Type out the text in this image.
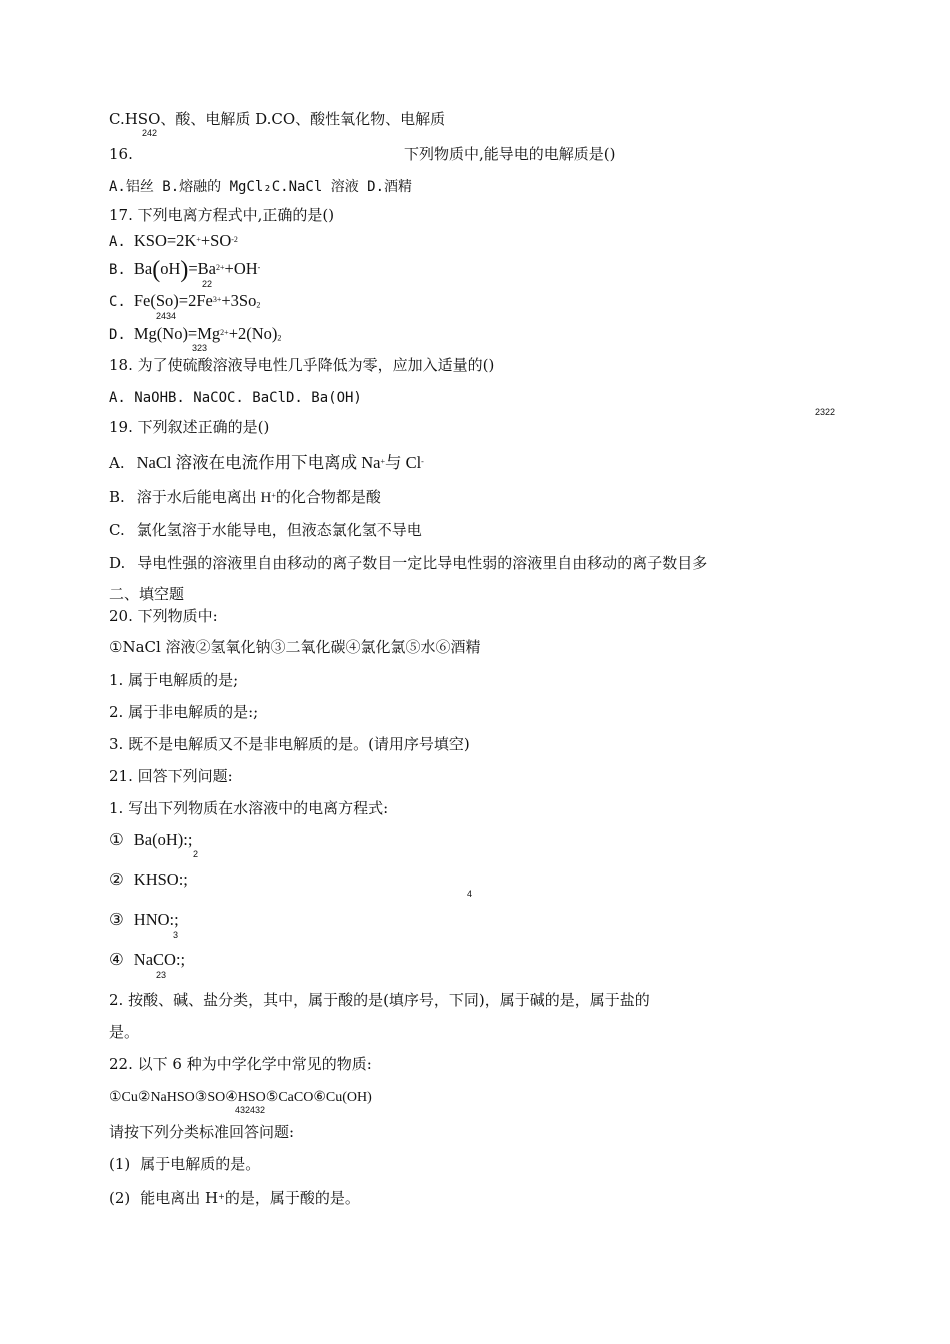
C.HSO、酸、电解质 D.CO、酸性氧化物、电解质
242
16.	下列物质中,能导电的电解质是()
A.铝丝 B.熔融的 MgCl₂C.NaCl 溶液 D.酒精
17. 下列电离方程式中,正确的是()
A. $KSO=2K^++SO^{-2}$
B. $Ba(oH)=Ba^{2+}+OH^-$
22
C. $Fe(So)=2Fe^{3+}+3So2$
2434
D. $Mg(No)=Mg^{2+}+2(No)2$
323
18. 为了使硫酸溶液导电性几乎降低为零，应加入适量的()
A. NaOHB. NaCOC. BaClD. Ba(OH)
2322
19. 下列叙述正确的是()
A. NaCl 溶液在电流作用下电离成 Na+与 Cl-
B. 溶于水后能电离出 H+的化合物都是酸
C. 氯化氢溶于水能导电，但液态氯化氢不导电
D. 导电性强的溶液里自由移动的离子数目一定比导电性弱的溶液里自由移动的离子数目多
二、填空题
20. 下列物质中:
①NaCl 溶液②氢氧化钠③二氧化碳④氯化氯⑤水⑥酒精
1. 属于电解质的是;
2. 属于非电解质的是:;
3. 既不是电解质又不是非电解质的是。(请用序号填空)
21. 回答下列问题:
1. 写出下列物质在水溶液中的电离方程式:
① Ba(oH):;
2
② KHSO:;
4
③ HNO:;
3
④ NaCO:;
23
2. 按酸、碱、盐分类，其中，属于酸的是(填序号，下同)，属于碱的是，属于盐的
是。
22. 以下 6 种为中学化学中常见的物质:
①Cu②NaHSO③SO④HSO⑤CaCO⑥Cu(OH)
432432
请按下列分类标准回答问题:
(1) 属于电解质的是。
(2) 能电离出 H+的是，属于酸的是。
